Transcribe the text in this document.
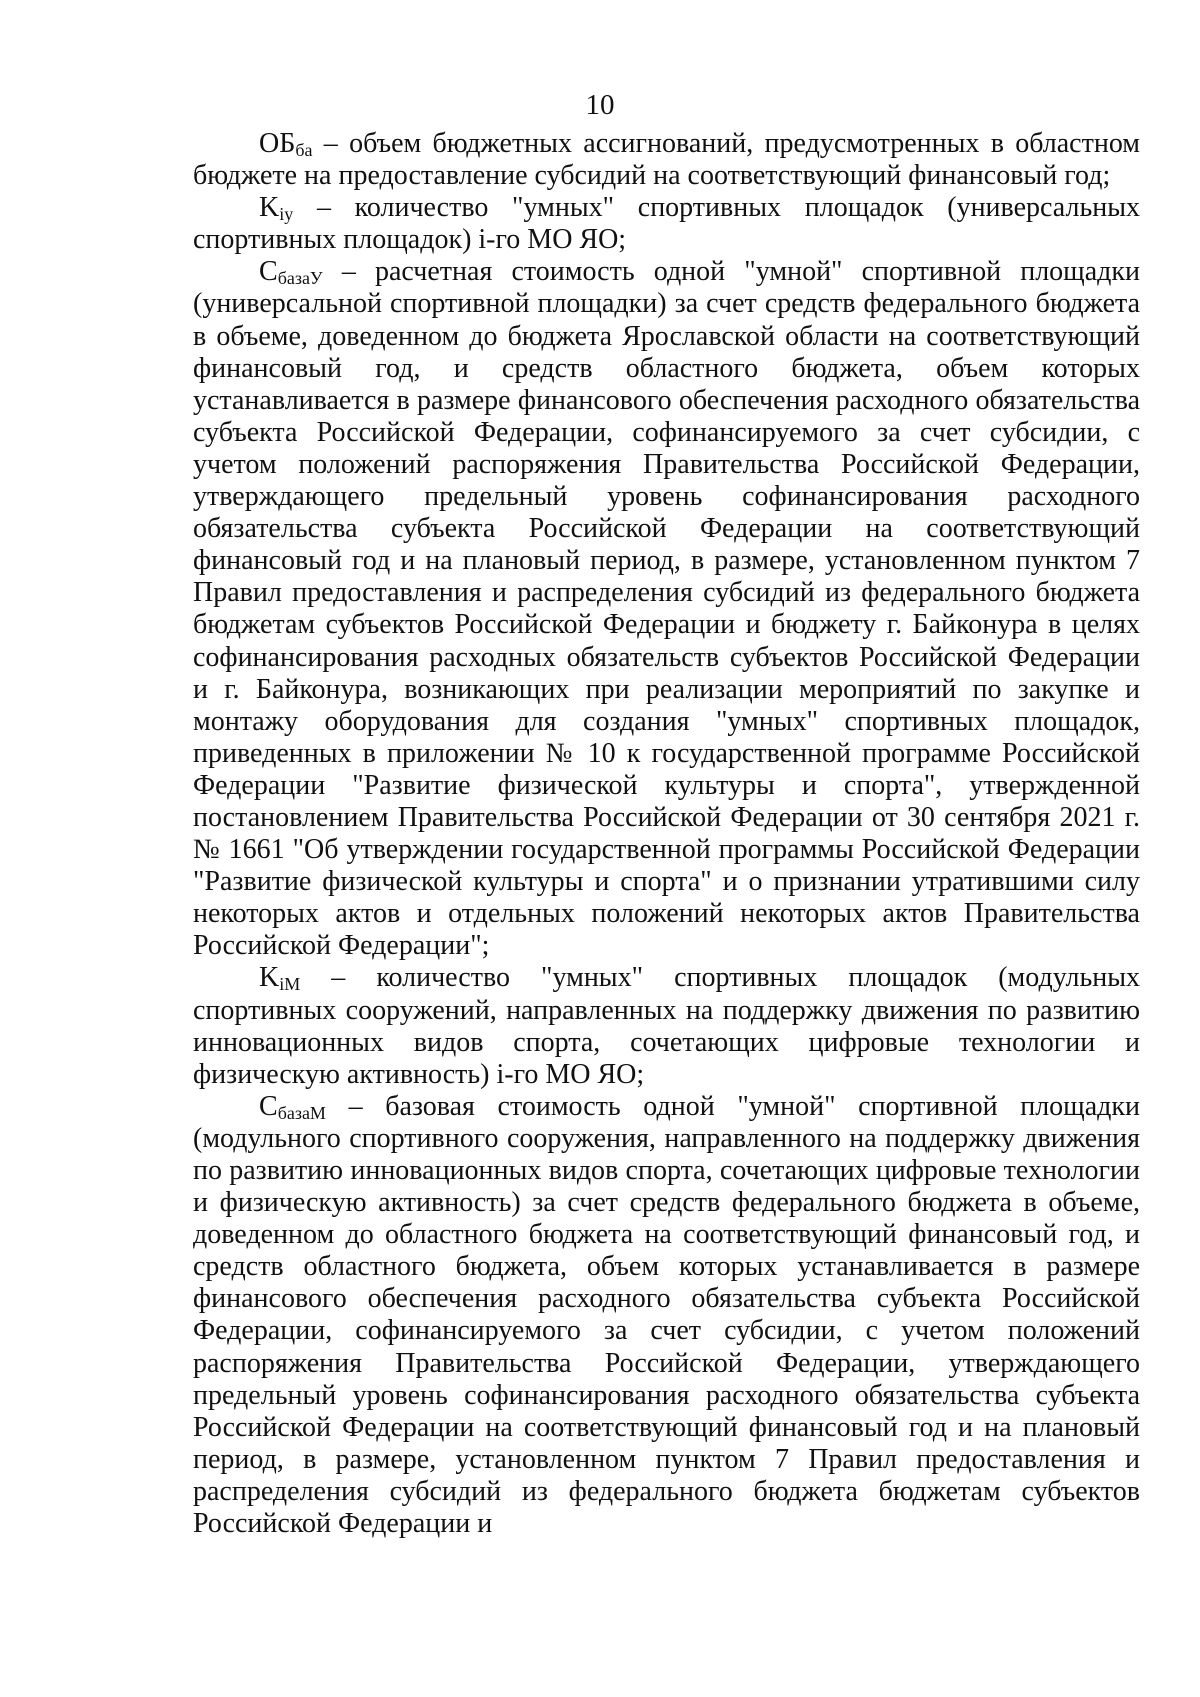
10

$ОБ_{ба}$ – объем бюджетных ассигнований, предусмотренных в областном бюджете на предоставление субсидий на соответствующий финансовый год;

$K_{iу}$ – количество "умных" спортивных площадок (универсальных спортивных площадок) i-го МО ЯО;

$С_{базаУ}$ – расчетная стоимость одной "умной" спортивной площадки (универсальной спортивной площадки) за счет средств федерального бюджета в объеме, доведенном до бюджета Ярославской области на соответствующий финансовый год, и средств областного бюджета, объем которых устанавливается в размере финансового обеспечения расходного обязательства субъекта Российской Федерации, софинансируемого за счет субсидии, с учетом положений распоряжения Правительства Российской Федерации, утверждающего предельный уровень софинансирования расходного обязательства субъекта Российской Федерации на соответствующий финансовый год и на плановый период, в размере, установленном пунктом 7 Правил предоставления и распределения субсидий из федерального бюджета бюджетам субъектов Российской Федерации и бюджету г. Байконура в целях софинансирования расходных обязательств субъектов Российской Федерации и г. Байконура, возникающих при реализации мероприятий по закупке и монтажу оборудования для создания "умных" спортивных площадок, приведенных в приложении № 10 к государственной программе Российской Федерации "Развитие физической культуры и спорта", утвержденной постановлением Правительства Российской Федерации от 30 сентября 2021 г. № 1661 "Об утверждении государственной программы Российской Федерации "Развитие физической культуры и спорта" и о признании утратившими силу некоторых актов и отдельных положений некоторых актов Правительства Российской Федерации";

$K_{iМ}$ – количество "умных" спортивных площадок (модульных спортивных сооружений, направленных на поддержку движения по развитию инновационных видов спорта, сочетающих цифровые технологии и физическую активность) i-го МО ЯО;

$С_{базаМ}$ – базовая стоимость одной "умной" спортивной площадки (модульного спортивного сооружения, направленного на поддержку движения по развитию инновационных видов спорта, сочетающих цифровые технологии и физическую активность) за счет средств федерального бюджета в объеме, доведенном до областного бюджета на соответствующий финансовый год, и средств областного бюджета, объем которых устанавливается в размере финансового обеспечения расходного обязательства субъекта Российской Федерации, софинансируемого за счет субсидии, с учетом положений распоряжения Правительства Российской Федерации, утверждающего предельный уровень софинансирования расходного обязательства субъекта Российской Федерации на соответствующий финансовый год и на плановый период, в размере, установленном пунктом 7 Правил предоставления и распределения субсидий из федерального бюджета бюджетам субъектов Российской Федерации и
